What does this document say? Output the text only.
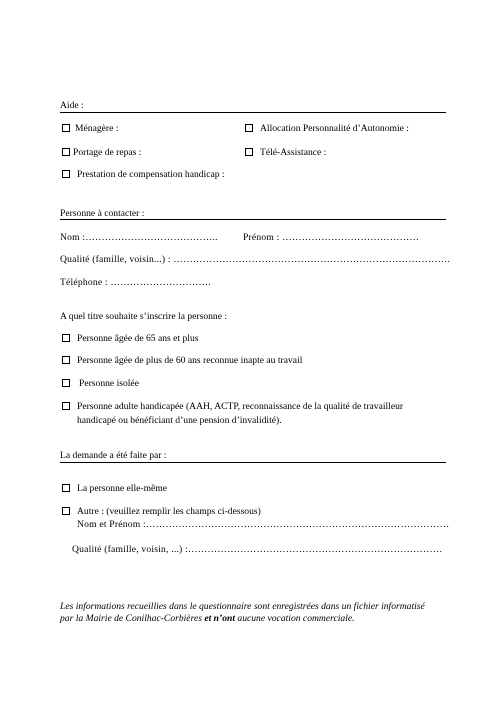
Aide :
Ménagère :	Allocation Personnalité d’Autonomie :
Portage de repas :	Télé-Assistance :
Prestation de compensation handicap :
Personne à contacter :
Nom :…………………………………..	Prénom : ……………………………………
Qualité (famille, voisin...) : ………………………………………………………………………….
Téléphone : ………………………….
A quel titre souhaite s’inscrire la personne :
Personne âgée de 65 ans et plus
Personne âgée de plus de 60 ans reconnue inapte au travail
Personne isolée
Personne adulte handicapée (AAH, ACTP, reconnaissance de la qualité de travailleur
handicapé ou bénéficiant d’une pension d’invalidité).
La demande a été faite par :
La personne elle-même
Autre : (veuillez remplir les champs ci-dessous)
Nom et Prénom :…………………………………………………………………………………
Qualité (famille, voisin, ...) :……………………………………………………………………
Les informations recueillies dans le questionnaire sont enregistrées dans un fichier informatisé
par la Mairie de Conilhac-Corbières et n’ont aucune vocation commerciale.
